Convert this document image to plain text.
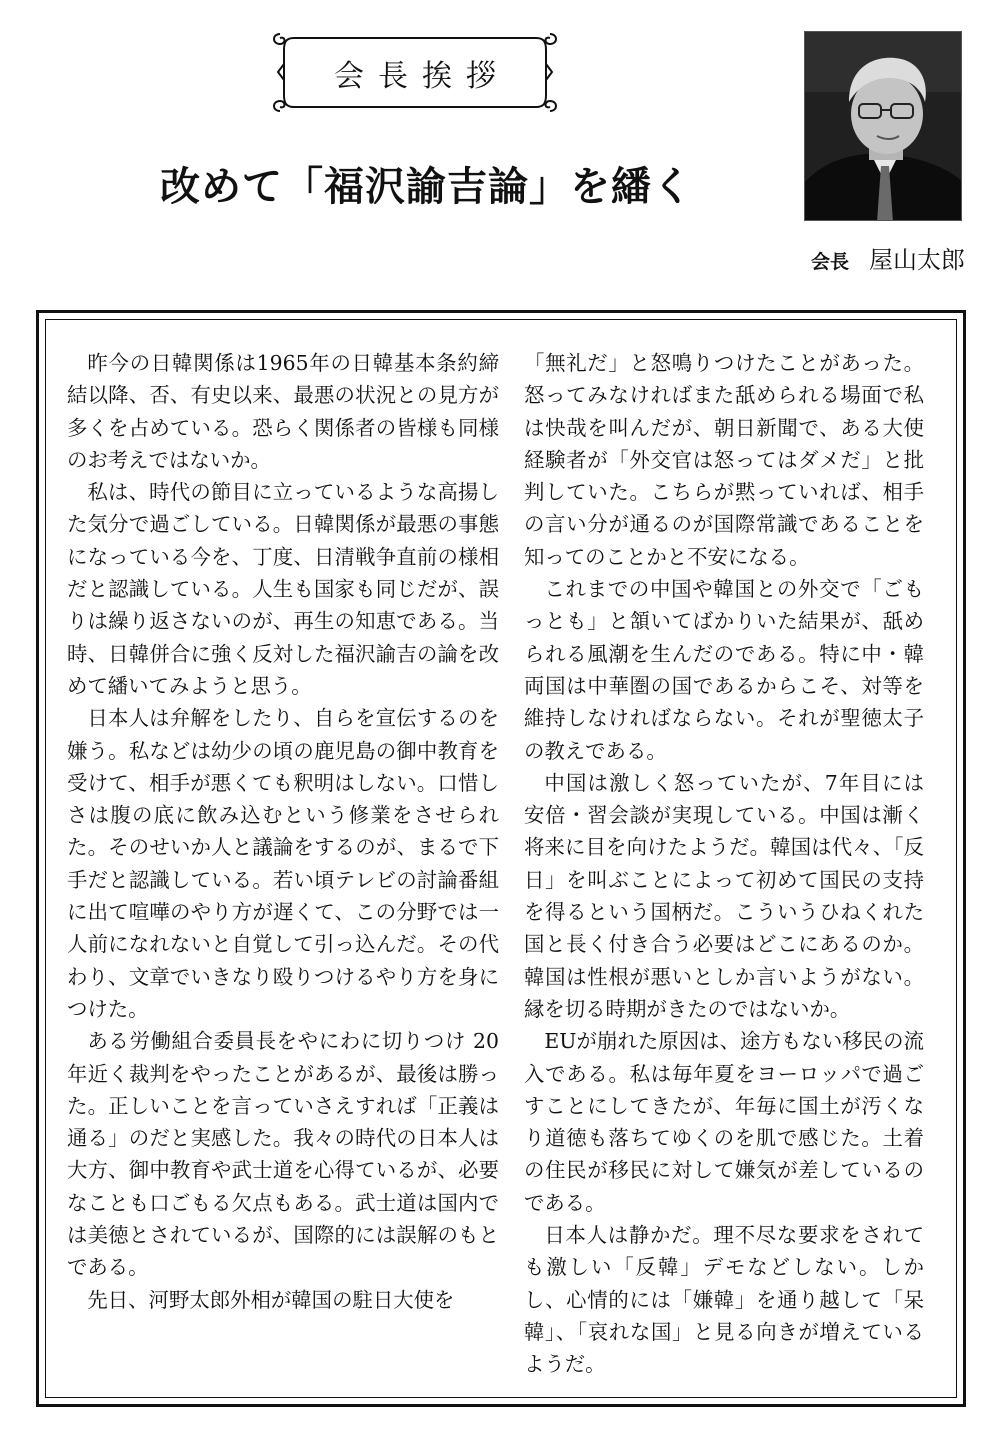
会長挨拶
改めて「福沢諭吉論」を繙く
会長 屋山太郎

昨今の日韓関係は1965年の日韓基本条約締結以降、否、有史以来、最悪の状況との見方が多くを占めている。恐らく関係者の皆様も同様のお考えではないか。

私は、時代の節目に立っているような高揚した気分で過ごしている。日韓関係が最悪の事態になっている今を、丁度、日清戦争直前の様相だと認識している。人生も国家も同じだが、誤りは繰り返さないのが、再生の知恵である。当時、日韓併合に強く反対した福沢諭吉の論を改めて繙いてみようと思う。

日本人は弁解をしたり、自らを宣伝するのを嫌う。私などは幼少の頃の鹿児島の御中教育を受けて、相手が悪くても釈明はしない。口惜しさは腹の底に飲み込むという修業をさせられた。そのせいか人と議論をするのが、まるで下手だと認識している。若い頃テレビの討論番組に出て喧嘩のやり方が遅くて、この分野では一人前になれないと自覚して引っ込んだ。その代わり、文章でいきなり殴りつけるやり方を身につけた。

ある労働組合委員長をやにわに切りつけ 20年近く裁判をやったことがあるが、最後は勝った。正しいことを言っていさえすれば「正義は通る」のだと実感した。我々の時代の日本人は大方、御中教育や武士道を心得ているが、必要なことも口ごもる欠点もある。武士道は国内では美徳とされているが、国際的には誤解のもとである。

先日、河野太郎外相が韓国の駐日大使を

「無礼だ」と怒鳴りつけたことがあった。怒ってみなければまた舐められる場面で私は快哉を叫んだが、朝日新聞で、ある大使経験者が「外交官は怒ってはダメだ」と批判していた。こちらが黙っていれば、相手の言い分が通るのが国際常識であることを知ってのことかと不安になる。

これまでの中国や韓国との外交で「ごもっとも」と頷いてばかりいた結果が、舐められる風潮を生んだのである。特に中・韓両国は中華圏の国であるからこそ、対等を維持しなければならない。それが聖徳太子の教えである。

中国は激しく怒っていたが、7年目には安倍・習会談が実現している。中国は漸く将来に目を向けたようだ。韓国は代々、「反日」を叫ぶことによって初めて国民の支持を得るという国柄だ。こういうひねくれた国と長く付き合う必要はどこにあるのか。韓国は性根が悪いとしか言いようがない。縁を切る時期がきたのではないか。

EUが崩れた原因は、途方もない移民の流入である。私は毎年夏をヨーロッパで過ごすことにしてきたが、年毎に国土が汚くなり道徳も落ちてゆくのを肌で感じた。土着の住民が移民に対して嫌気が差しているのである。

日本人は静かだ。理不尽な要求をされても激しい「反韓」デモなどしない。しかし、心情的には「嫌韓」を通り越して「呆韓」、「哀れな国」と見る向きが増えているようだ。
